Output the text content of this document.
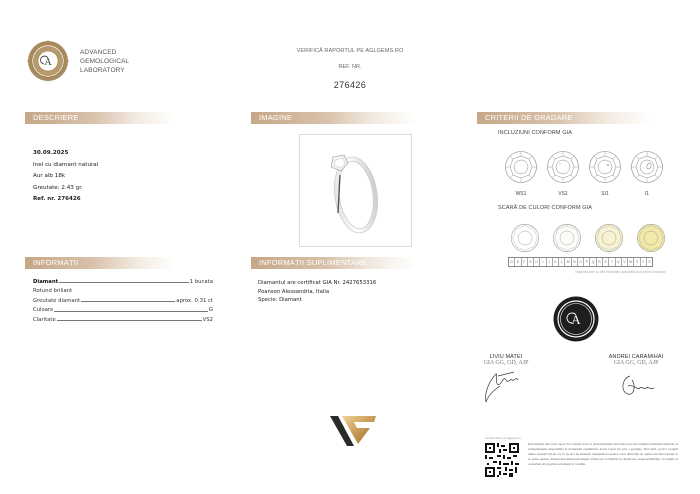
A
ADVANCED
GEMOLOGICAL
LABORATORY
VERIFICĂ RAPORTUL PE AGLGEMS.RO
REF. NR.
276426
DESCRIERE
30.09.2025
Inel cu diamant natural
Aur alb 18k
Greutate: 2.43 gr.
Ref. nr. 276426
IMAGINE	CRITERII DE GRADARE
INCLUZIUNI CONFORM GIA
WS1	VS1	SI1	I1
SCARĂ DE CULORI CONFORM GIA
D	E	F	G	H	I	J	K	L	M	N	O	P	Q	R	S	T	U	V W X	Y	Z
Imaginea este cu titlu informativ, aplicabilă doar pietrei diamante
INFORMAȚII
Diamant	1 bucata
Rotund briliant
Greutate diamant	aprox. 0.31 ct
Culoare	G
Claritate	VS2
INFORMAȚII SUPLIMENTARE
Diamantul are certificat GIA Nr. 2427653316
Poanson Alessandria, Italia
Specie: Diamant
A
LIVIU MATEI
GIA GG, GD, AJP
ANDREI CARAMIHAI
GIA GG, GD, AJP
Verifică online pe aglgems.ro
Informațiile din acest raport fac referire doar la piatra/bijuteria descrisă și au fost obținute utilizând tehnicile și echipamentele disponibile în momentul examinării. Acest raport nu este o garanție. Nici AGL și nici vreunul dintre experții săi nu vor fi, în nici un moment răspunzători pentru orice diferență de opinie sau discrepanță ce ar putea apărea. Pentru mai multe informații referitoare la limitări și declinarea responsabilității, vă rugăm să consultați AGLgems.ro/termeni și condiții.
